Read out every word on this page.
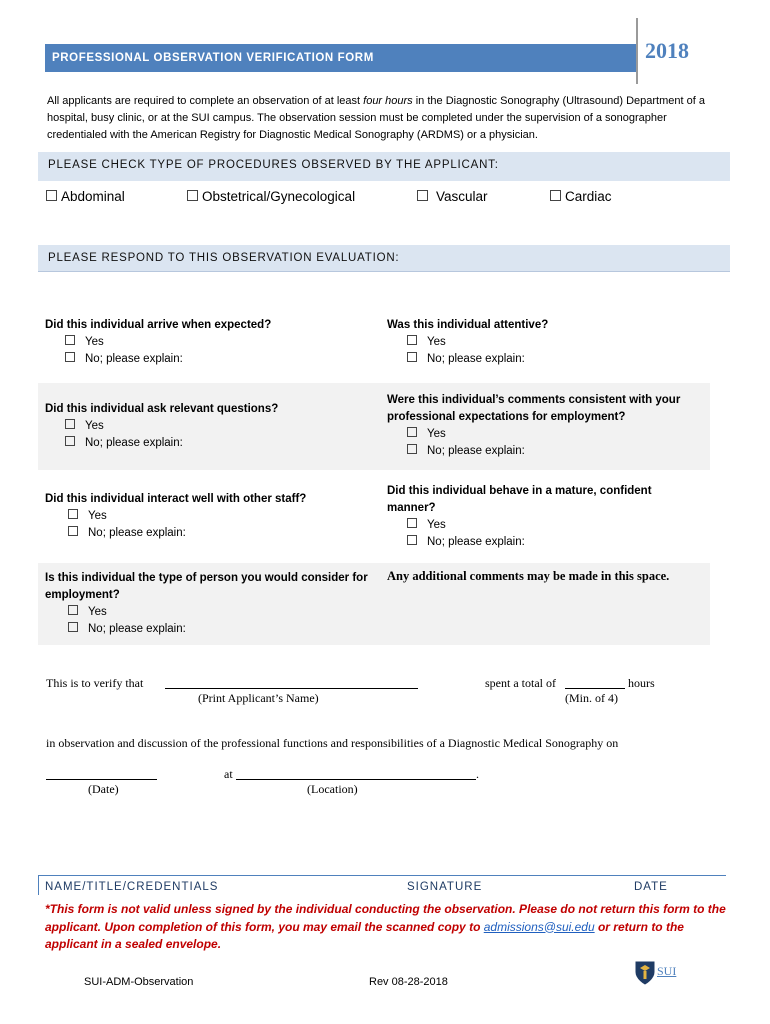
PROFESSIONAL OBSERVATION VERIFICATION FORM	2018
All applicants are required to complete an observation of at least four hours in the Diagnostic Sonography (Ultrasound) Department of a hospital, busy clinic, or at the SUI campus. The observation session must be completed under the supervision of a sonographer credentialed with the American Registry for Diagnostic Medical Sonography (ARDMS) or a physician.
PLEASE CHECK TYPE OF PROCEDURES OBSERVED BY THE APPLICANT:
Abdominal	Obstetrical/Gynecological	Vascular	Cardiac
PLEASE RESPOND TO THIS OBSERVATION EVALUATION:
Did this individual arrive when expected?
Yes
No; please explain:
Was this individual attentive?
Yes
No; please explain:
Did this individual ask relevant questions?
Yes
No; please explain:
Were this individual’s comments consistent with your professional expectations for employment?
Yes
No; please explain:
Did this individual interact well with other staff?
Yes
No; please explain:
Did this individual behave in a mature, confident manner?
Yes
No; please explain:
Is this individual the type of person you would consider for employment?
Yes
No; please explain:
Any additional comments may be made in this space.
This is to verify that
(Print Applicant’s Name)
spent a total of	hours
(Min. of 4)
in observation and discussion of the professional functions and responsibilities of a Diagnostic Medical Sonography on
at	.
(Date)	(Location)
NAME/TITLE/CREDENTIALS	SIGNATURE	DATE
*This form is not valid unless signed by the individual conducting the observation. Please do not return this form to the applicant. Upon completion of this form, you may email the scanned copy to admissions@sui.edu or return to the applicant in a sealed envelope.
SUI-ADM-Observation	Rev 08-28-2018
SUI
